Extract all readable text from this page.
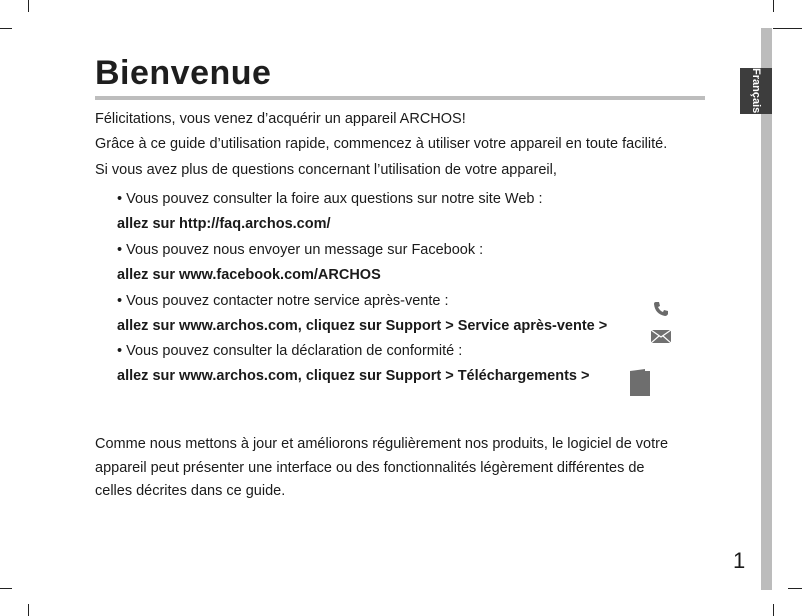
Français
Bienvenue
Félicitations, vous venez d’acquérir un appareil ARCHOS!
Grâce à ce guide d’utilisation rapide, commencez à utiliser votre appareil en toute facilité.
Si vous avez plus de questions concernant l’utilisation de votre appareil,
• Vous pouvez consulter la foire aux questions sur notre site Web :
allez sur http://faq.archos.com/
• Vous pouvez nous envoyer un message sur Facebook :
allez sur www.facebook.com/ARCHOS
• Vous pouvez contacter notre service après-vente :
allez sur www.archos.com, cliquez sur Support > Service après-vente >
• Vous pouvez consulter la déclaration de conformité :
allez sur www.archos.com, cliquez sur Support > Téléchargements >
Comme nous mettons à jour et améliorons régulièrement nos produits, le logiciel de votre
appareil peut présenter une interface ou des fonctionnalités légèrement différentes de
celles décrites dans ce guide.
1
